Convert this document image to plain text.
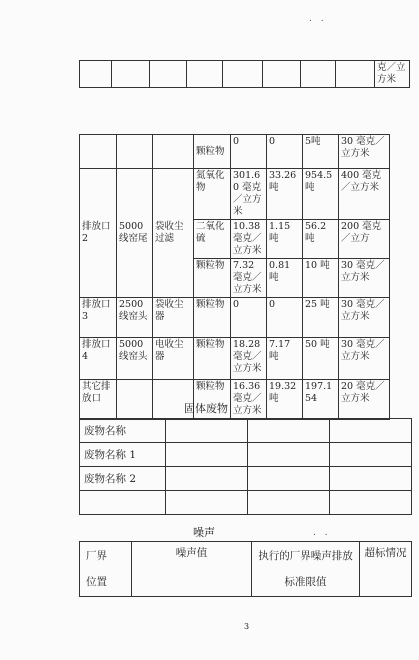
. .
								克／立方米
			颗粒物	0	0	5吨	30 毫克／立方米
排放口2	5000线窑尾	袋收尘过滤	氮氧化物	301.60 毫克／立方米	33.26 吨	954.5 吨	400 毫克／立方米
			二氧化硫	10.38 毫克／立方米	1.15 吨	56.2 吨	200 毫克／立方
			颗粒物	7.32 毫克／立方米	0.81 吨	10 吨	30 毫克／立方米
排放口3	2500线窑头	袋收尘器	颗粒物	0	0	25 吨	30 毫克／立方米
排放口4	5000线窑头	电收尘器	颗粒物	18.28 毫克／立方米	7.17 吨	50 吨	30 毫克／立方米
其它排放口			颗粒物	16.36 毫克／立方米	19.32 吨	197.154	20 毫克／立方米
固体废物
废物名称			
废物名称 1			
废物名称 2			

噪声	. .
厂界
位置
	噪声值	执行的厂界噪声排放
标准限值
	超标情况
3
